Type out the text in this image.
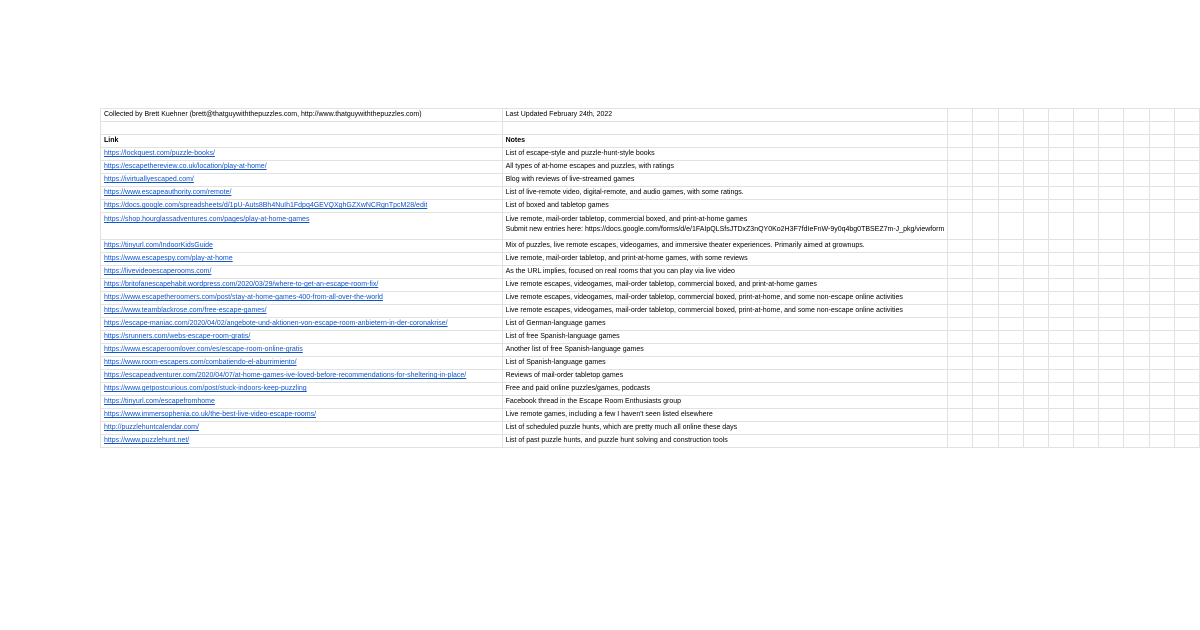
Collected by Brett Kuehner (brett@thatguywiththepuzzles.com, http://www.thatguywiththepuzzles.com)	Last Updated February 24th, 2022										

Link	Notes										
https://lockquest.com/puzzle-books/	List of escape-style and puzzle-hunt-style books										

https://escapethereview.co.uk/location/play-at-home/	All types of at-home escapes and puzzles, with ratings										

https://ivirtuallyescaped.com/	Blog with reviews of live-streamed games										

https://www.escapeauthority.com/remote/	List of live-remote video, digital-remote, and audio games, with some ratings.										

https://docs.google.com/spreadsheets/d/1pU-Auts8Bh4NuIh1Fdpq4GEVQXghGZXwNCRgnTpcM28/edit	List of boxed and tabletop games										

https://shop.hourglassadventures.com/pages/play-at-home-games	Live remote, mail-order tabletop, commercial boxed, and print-at-home games
Submit new entries here: https://docs.google.com/forms/d/e/1FAIpQLSfsJTDxZ3nQY0Ko2H3F7fdIeFnW-9y0q4bg0TBSEZ7m-J_pkg/viewform										

https://tinyurl.com/IndoorKidsGuide	Mix of puzzles, live remote escapes, videogames, and immersive theater experiences. Primarily aimed at grownups.										

https://www.escapespy.com/play-at-home	Live remote, mail-order tabletop, and print-at-home games, with some reviews										

https://livevideoescaperooms.com/	As the URL implies, focused on real rooms that you can play via live video										

https://britofanescapehabit.wordpress.com/2020/03/29/where-to-get-an-escape-room-fix/	Live remote escapes, videogames, mail-order tabletop, commercial boxed, and print-at-home games										

https://www.escapetheroomers.com/post/stay-at-home-games-400-from-all-over-the-world	Live remote escapes, videogames, mail-order tabletop, commercial boxed, print-at-home, and some non-escape online activities										

https://www.teamblackrose.com/free-escape-games/	Live remote escapes, videogames, mail-order tabletop, commercial boxed, print-at-home, and some non-escape online activities										

https://escape-maniac.com/2020/04/02/angebote-und-aktionen-von-escape-room-anbietern-in-der-coronakrise/	List of German-language games										

https://srunners.com/webs-escape-room-gratis/	List of free Spanish-language games										

https://www.escaperoomlover.com/es/escape-room-online-gratis	Another list of free Spanish-language games										

https://www.room-escapers.com/combatiendo-el-aburrimiento/	List of Spanish-language games										

https://escapeadventurer.com/2020/04/07/at-home-games-ive-loved-before-recommendations-for-sheltering-in-place/	Reviews of mail-order tabletop games										

https://www.getpostcurious.com/post/stuck-indoors-keep-puzzling	Free and paid online puzzles/games, podcasts										

https://tinyurl.com/escapefromhome	Facebook thread in the Escape Room Enthusiasts group										

https://www.immersophenia.co.uk/the-best-live-video-escape-rooms/	Live remote games, including a few I haven't seen listed elsewhere										

http://puzzlehuntcalendar.com/	List of scheduled puzzle hunts, which are pretty much all online these days										

https://www.puzzlehunt.net/	List of past puzzle hunts, and puzzle hunt solving and construction tools										
